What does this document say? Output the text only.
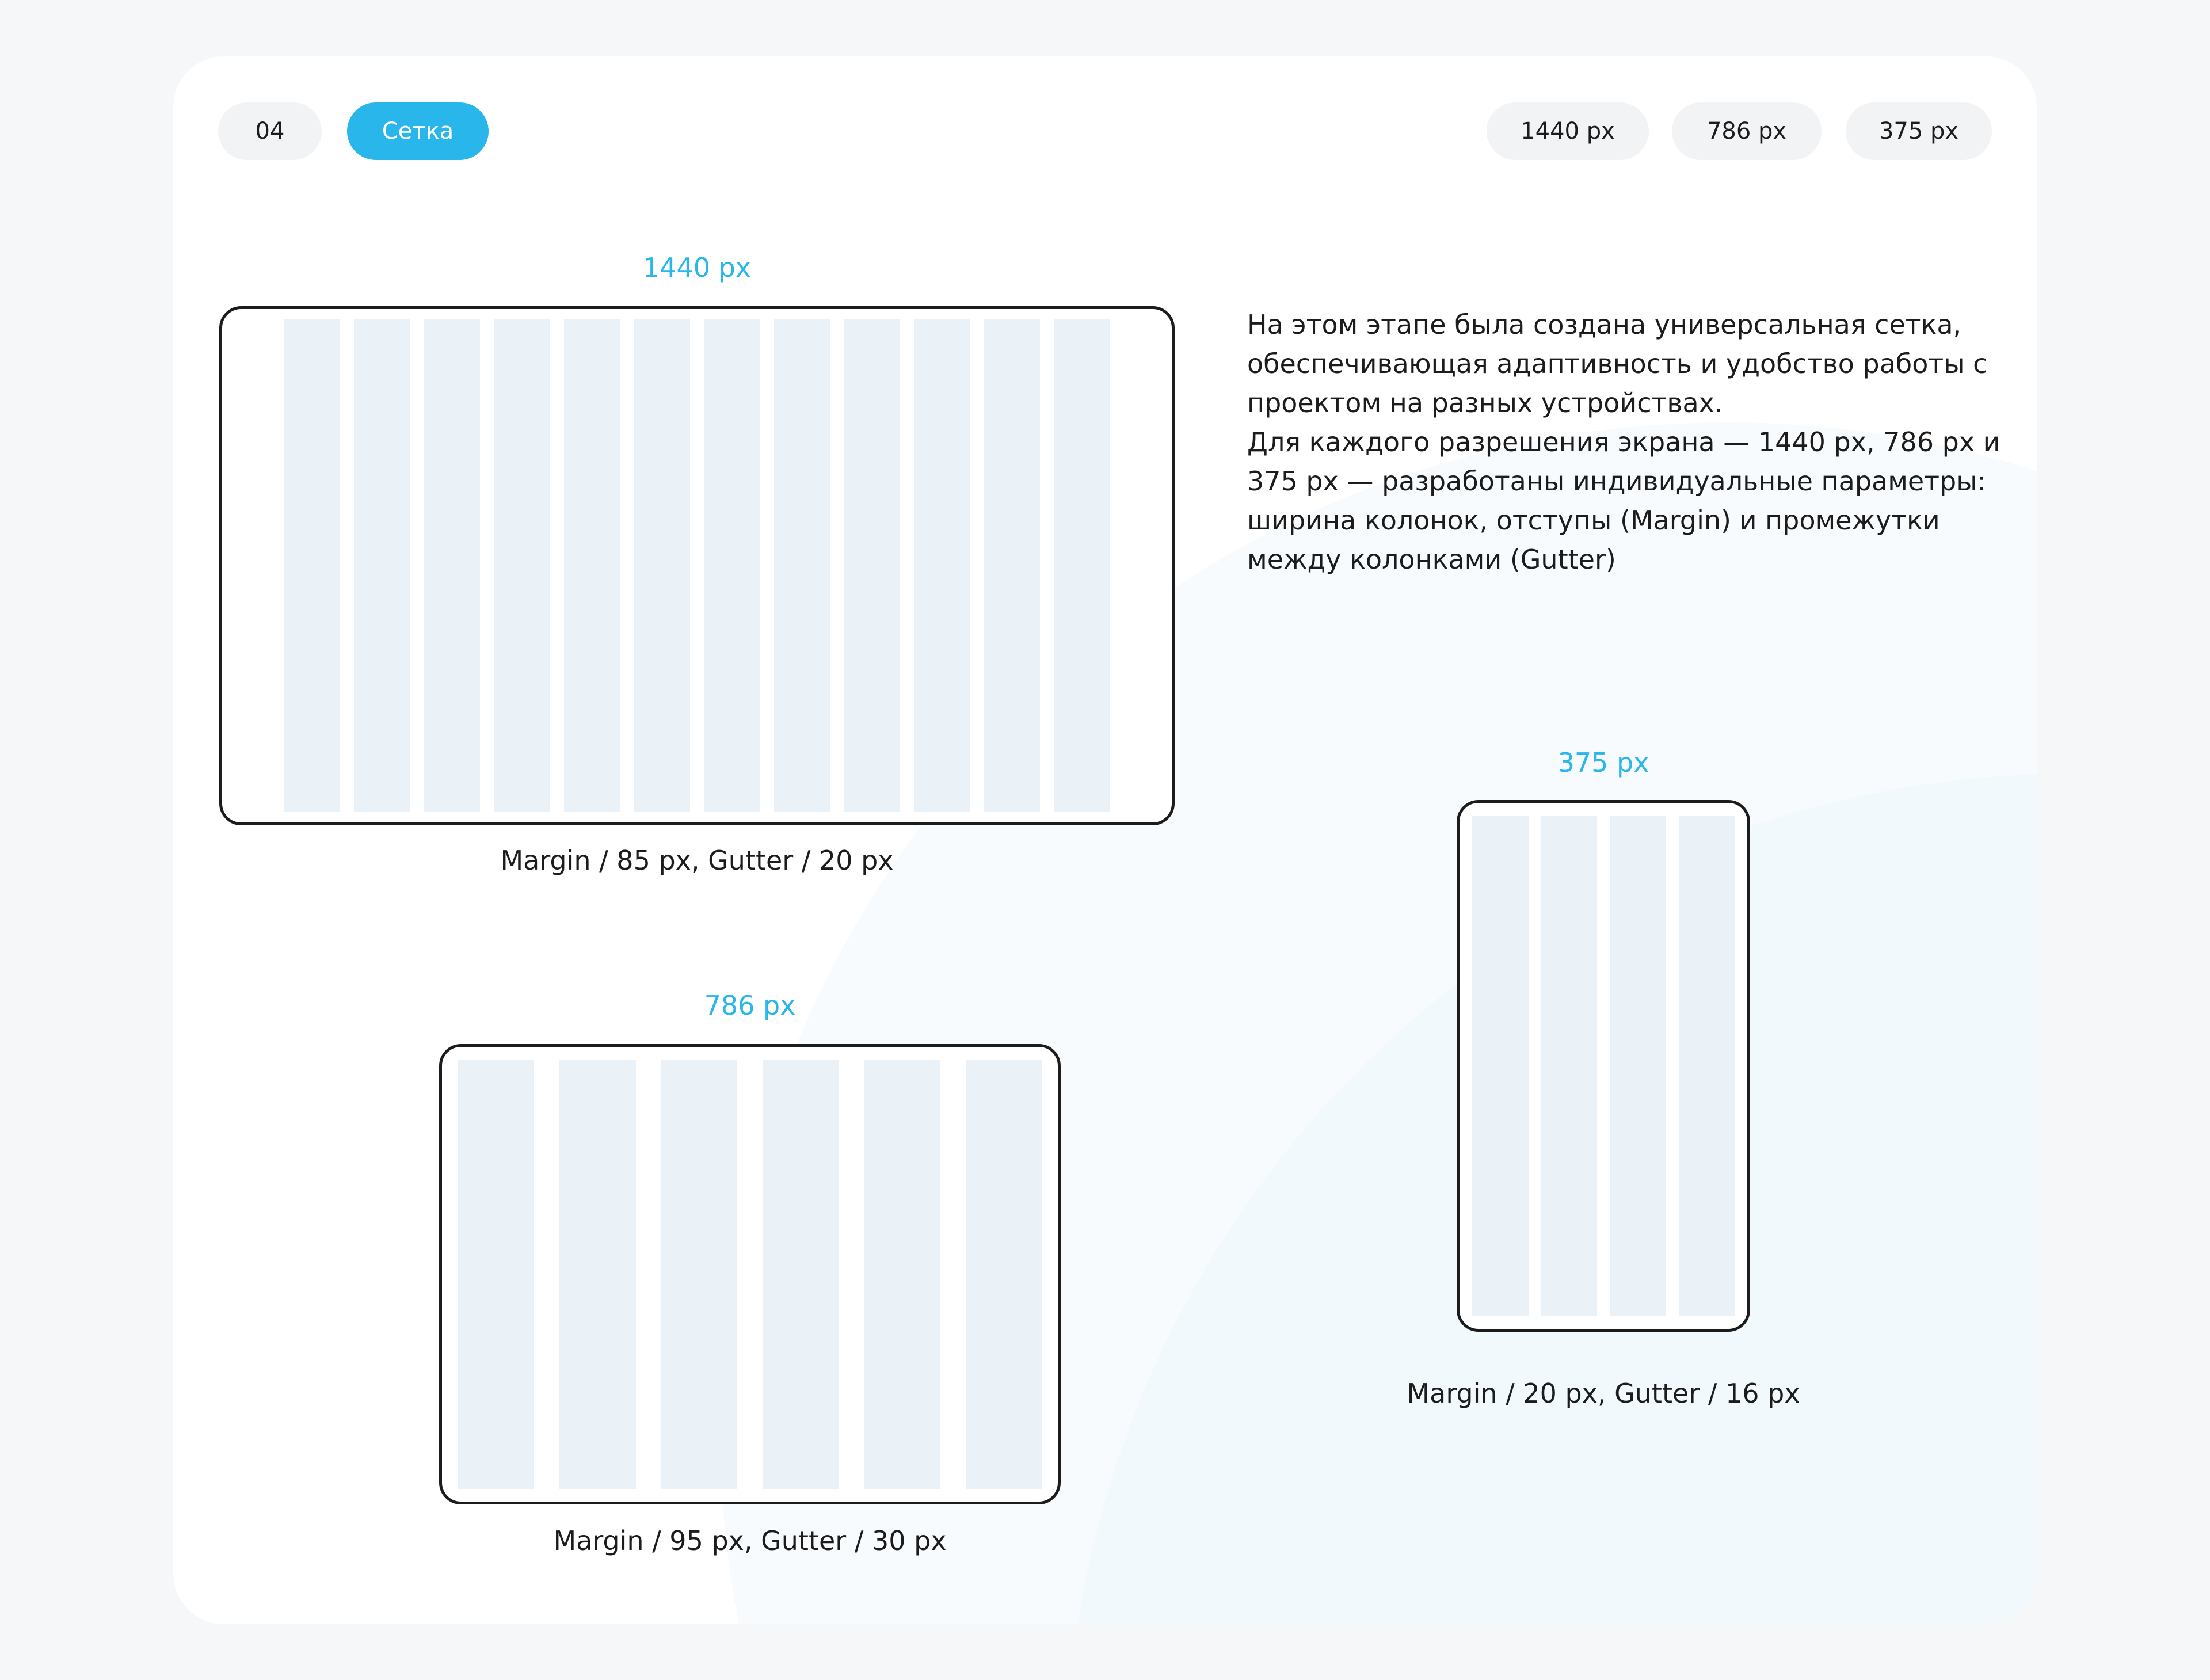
04	Сетка	1440 px	786 px	375 px
1440 px
Margin / 85 px, Gutter / 20 px
786 px
Margin / 95 px, Gutter / 30 px
375 px
Margin / 20 px, Gutter / 16 px

На этом этапе была создана универсальная сетка, обеспечивающая адаптивность и удобство работы с проектом на разных устройствах.

Для каждого разрешения экрана — 1440 px, 786 px и 375 px — разработаны индивидуальные параметры: ширина колонок, отступы (Margin) и промежутки между колонками (Gutter)
